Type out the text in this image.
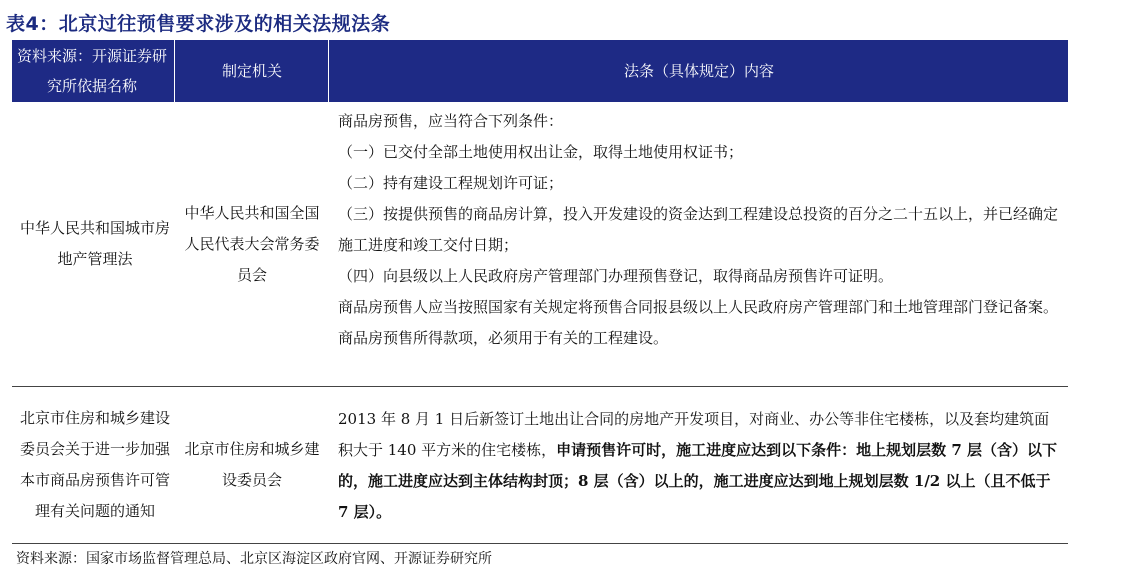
表4：北京过往预售要求涉及的相关法规法条
资料来源：开源证券研究所依据名称
制定机关	法条（具体规定）内容
中华人民共和国城市房地产管理法
中华人民共和国全国人民代表大会常务委员会
商品房预售，应当符合下列条件：
（一）已交付全部土地使用权出让金，取得土地使用权证书；
（二）持有建设工程规划许可证；
（三）按提供预售的商品房计算，投入开发建设的资金达到工程建设总投资的百分之二十五以上，并已经确定施工进度和竣工交付日期；
（四）向县级以上人民政府房产管理部门办理预售登记，取得商品房预售许可证明。
商品房预售人应当按照国家有关规定将预售合同报县级以上人民政府房产管理部门和土地管理部门登记备案。
商品房预售所得款项，必须用于有关的工程建设。
北京市住房和城乡建设委员会关于进一步加强本市商品房预售许可管理有关问题的通知
北京市住房和城乡建设委员会
2013 年 8 月 1 日后新签订土地出让合同的房地产开发项目，对商业、办公等非住宅楼栋，以及套均建筑面积大于 140 平方米的住宅楼栋，申请预售许可时，施工进度应达到以下条件：地上规划层数 7 层（含）以下的，施工进度应达到主体结构封顶；8 层（含）以上的，施工进度应达到地上规划层数 1/2 以上（且不低于 7 层）。
资料来源：国家市场监督管理总局、北京区海淀区政府官网、开源证券研究所
